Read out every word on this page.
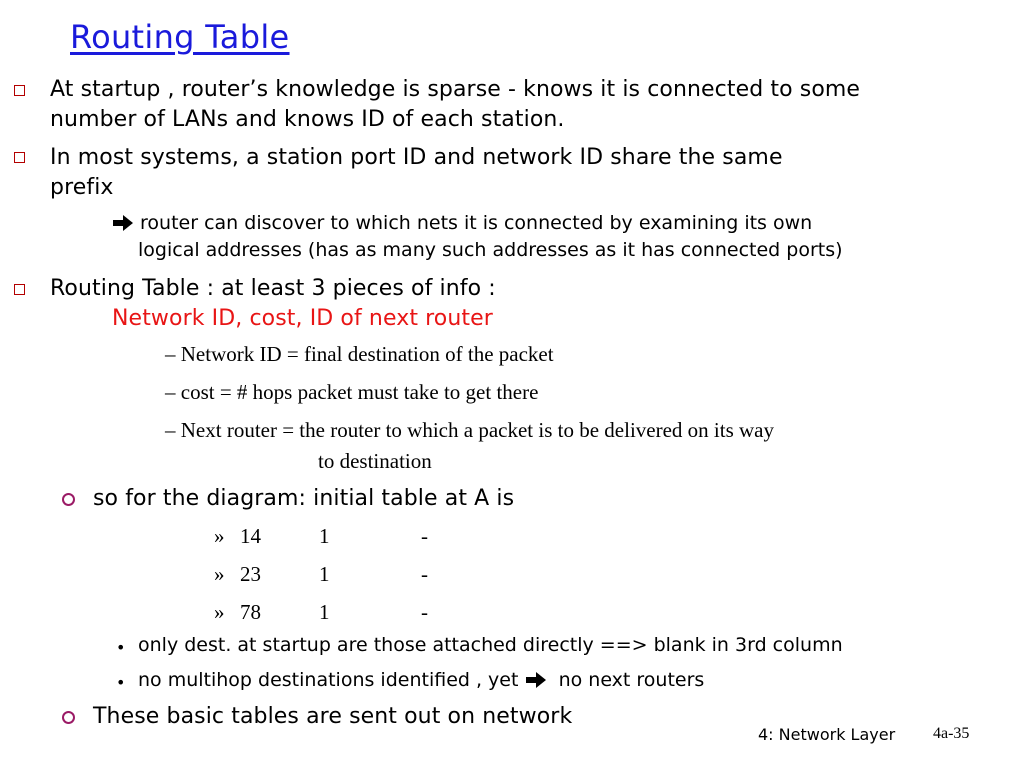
Routing Table
At startup , router’s knowledge is sparse - knows it is connected to some
number of LANs and knows ID of each station.
In most systems, a station port ID and network ID share the same
prefix
router can discover to which nets it is connected by examining its own
logical addresses (has as many such addresses as it has connected ports)
Routing Table : at least 3 pieces of info :
Network ID, cost, ID of next router
– Network ID = final destination of the packet
– cost = # hops packet must take to get there
– Next router = the router to which a packet is to be delivered on its way
to destination
so for the diagram: initial table at A is
» 14	1	-
» 23	1	-
» 78	1	-
• only dest. at startup are those attached directly ==> blank in 3rd column
• no multihop destinations identified , yet   no next routers
These basic tables are sent out on network
4: Network Layer 4a-35
